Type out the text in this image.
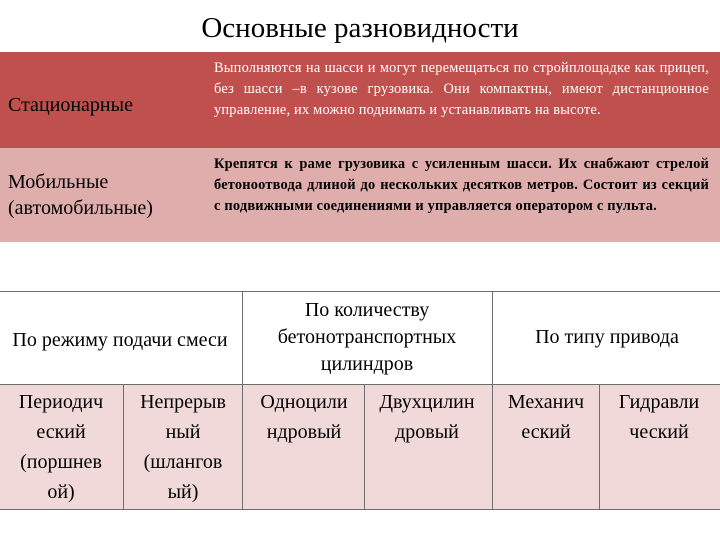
Основные разновидности
Стационарные
Выполняются на шасси и могут перемещаться по стройплощадке как прицеп, без шасси –в кузове грузовика. Они компактны, имеют дистанционное управление, их можно поднимать и устанавливать на высоте.
Мобильные (автомобильные)
Крепятся к раме грузовика с усиленным шасси. Их снабжают стрелой бетоноотвода длиной до нескольких десятков метров. Состоит из секций с подвижными соединениями и управляется оператором с пульта.
По режиму подачи смеси
По количеству бетонотранспортных цилиндров
По типу привода
Периодич
еский
(поршнев
ой)
Непрерыв
ный
(шлангов
ый)
Одноцили
ндровый
Двухцилин
дровый
Механич
еский
Гидравли
ческий
